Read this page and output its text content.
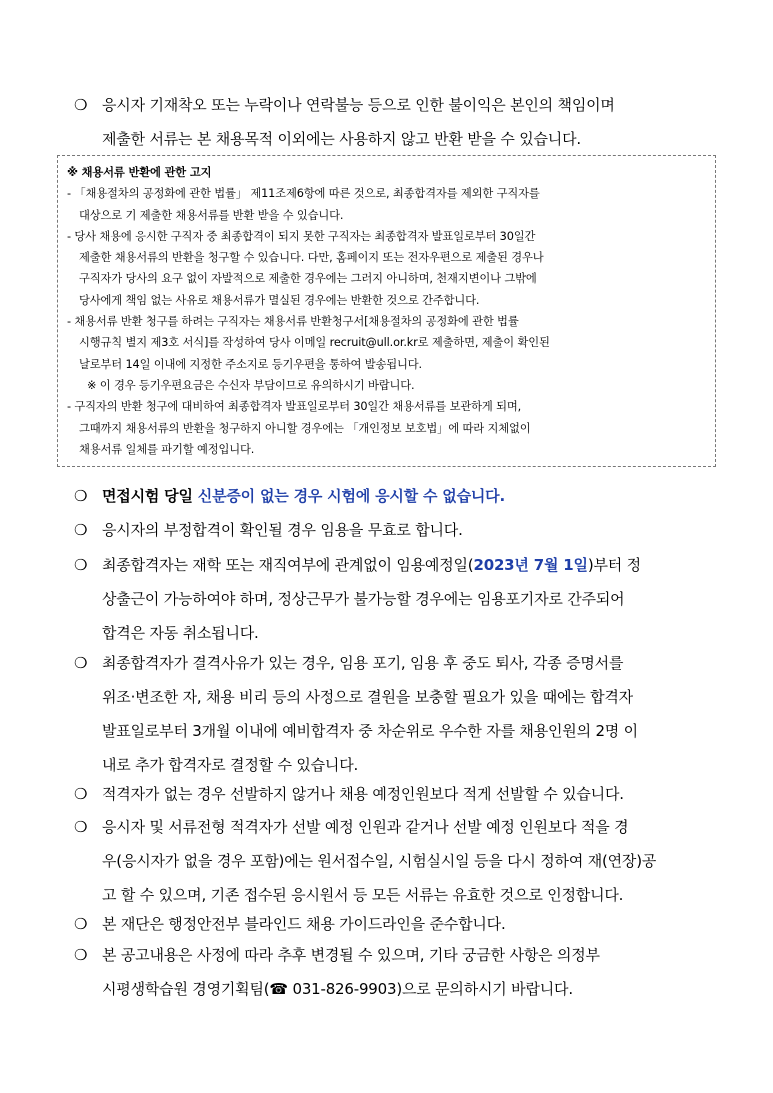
❍ 응시자 기재착오 또는 누락이나 연락불능 등으로 인한 불이익은 본인의 책임이며
제출한 서류는 본 채용목적 이외에는 사용하지 않고 반환 받을 수 있습니다.
※ 채용서류 반환에 관한 고지
- 「채용절차의 공정화에 관한 법률」 제11조제6항에 따른 것으로, 최종합격자를 제외한 구직자를
대상으로 기 제출한 채용서류를 반환 받을 수 있습니다.
- 당사 채용에 응시한 구직자 중 최종합격이 되지 못한 구직자는 최종합격자 발표일로부터 30일간
제출한 채용서류의 반환을 청구할 수 있습니다. 다만, 홈페이지 또는 전자우편으로 제출된 경우나
구직자가 당사의 요구 없이 자발적으로 제출한 경우에는 그러지 아니하며, 천재지변이나 그밖에
당사에게 책임 없는 사유로 채용서류가 멸실된 경우에는 반환한 것으로 간주합니다.
- 채용서류 반환 청구를 하려는 구직자는 채용서류 반환청구서[채용절차의 공정화에 관한 법률
시행규칙 별지 제3호 서식]를 작성하여 당사 이메일 recruit@ull.or.kr로 제출하면, 제출이 확인된
날로부터 14일 이내에 지정한 주소지로 등기우편을 통하여 발송됩니다.
※ 이 경우 등기우편요금은 수신자 부담이므로 유의하시기 바랍니다.
- 구직자의 반환 청구에 대비하여 최종합격자 발표일로부터 30일간 채용서류를 보관하게 되며,
그때까지 채용서류의 반환을 청구하지 아니할 경우에는 「개인정보 보호법」에 따라 지체없이
채용서류 일체를 파기할 예정입니다.
❍ 면접시험 당일 신분증이 없는 경우 시험에 응시할 수 없습니다.
❍ 응시자의 부정합격이 확인될 경우 임용을 무효로 합니다.
❍ 최종합격자는 재학 또는 재직여부에 관계없이 임용예정일(2023년 7월 1일)부터 정
상출근이 가능하여야 하며, 정상근무가 불가능할 경우에는 임용포기자로 간주되어
합격은 자동 취소됩니다.
❍ 최종합격자가 결격사유가 있는 경우, 임용 포기, 임용 후 중도 퇴사, 각종 증명서를
위조·변조한 자, 채용 비리 등의 사정으로 결원을 보충할 필요가 있을 때에는 합격자
발표일로부터 3개월 이내에 예비합격자 중 차순위로 우수한 자를 채용인원의 2명 이
내로 추가 합격자로 결정할 수 있습니다.
❍ 적격자가 없는 경우 선발하지 않거나 채용 예정인원보다 적게 선발할 수 있습니다.
❍ 응시자 및 서류전형 적격자가 선발 예정 인원과 같거나 선발 예정 인원보다 적을 경
우(응시자가 없을 경우 포함)에는 원서접수일, 시험실시일 등을 다시 정하여 재(연장)공
고 할 수 있으며, 기존 접수된 응시원서 등 모든 서류는 유효한 것으로 인정합니다.
❍ 본 재단은 행정안전부 블라인드 채용 가이드라인을 준수합니다.
❍ 본 공고내용은 사정에 따라 추후 변경될 수 있으며, 기타 궁금한 사항은 의정부
시평생학습원 경영기획팀(☎ 031-826-9903)으로 문의하시기 바랍니다.
